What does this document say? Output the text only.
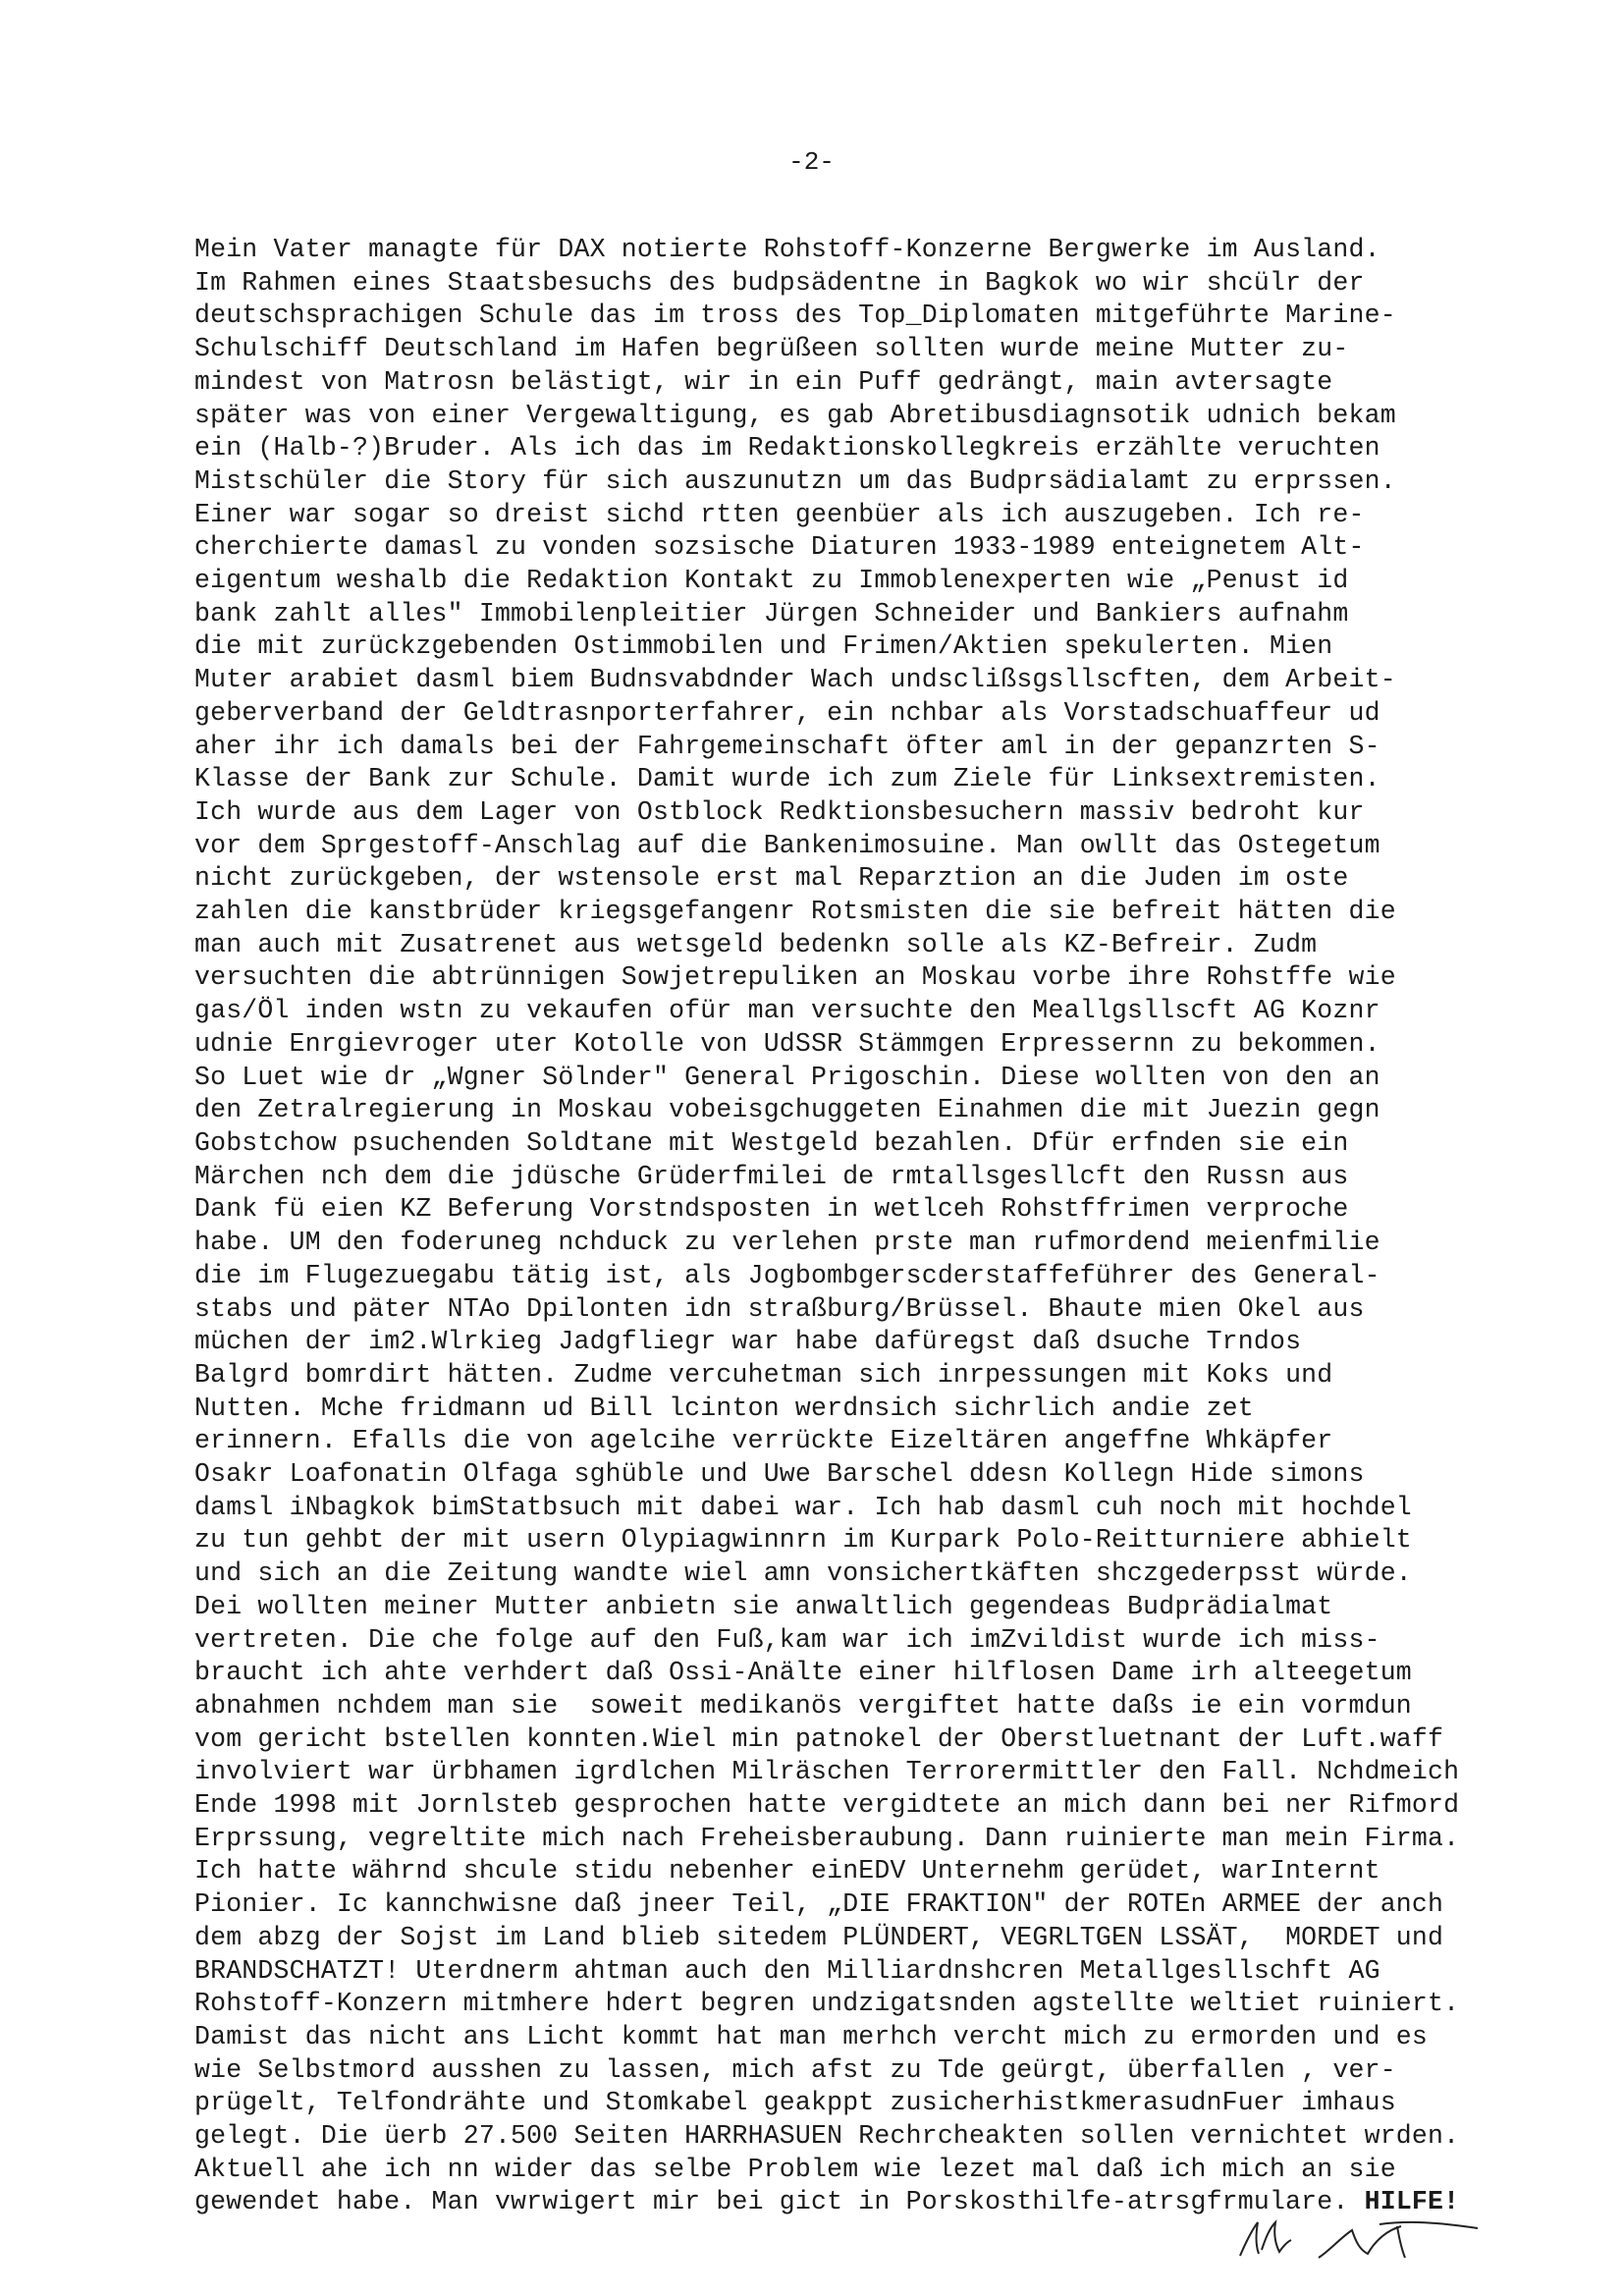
-2-
Mein Vater managte für DAX notierte Rohstoff-Konzerne Bergwerke im Ausland.
Im Rahmen eines Staatsbesuchs des budpsädentne in Bagkok wo wir shcülr der
deutschsprachigen Schule das im tross des Top_Diplomaten mitgeführte Marine-
Schulschiff Deutschland im Hafen begrüßeen sollten wurde meine Mutter zu-
mindest von Matrosn belästigt, wir in ein Puff gedrängt, main avtersagte
später was von einer Vergewaltigung, es gab Abretibusdiagnsotik udnich bekam
ein (Halb-?)Bruder. Als ich das im Redaktionskollegkreis erzählte veruchten
Mistschüler die Story für sich auszunutzn um das Budprsädialamt zu erprssen.
Einer war sogar so dreist sichd rtten geenbüer als ich auszugeben. Ich re-
cherchierte damasl zu vonden sozsische Diaturen 1933-1989 enteignetem Alt-
eigentum weshalb die Redaktion Kontakt zu Immoblenexperten wie „Penust id
bank zahlt alles" Immobilenpleitier Jürgen Schneider und Bankiers aufnahm
die mit zurückzgebenden Ostimmobilen und Frimen/Aktien spekulerten. Mien
Muter arabiet dasml biem Budnsvabdnder Wach undsclißsgsllscften, dem Arbeit-
geberverband der Geldtrasnporterfahrer, ein nchbar als Vorstadschuaffeur ud
aher ihr ich damals bei der Fahrgemeinschaft öfter aml in der gepanzrten S-
Klasse der Bank zur Schule. Damit wurde ich zum Ziele für Linksextremisten.
Ich wurde aus dem Lager von Ostblock Redktionsbesuchern massiv bedroht kur
vor dem Sprgestoff-Anschlag auf die Bankenimosuine. Man owllt das Ostegetum
nicht zurückgeben, der wstensole erst mal Reparztion an die Juden im oste
zahlen die kanstbrüder kriegsgefangenr Rotsmisten die sie befreit hätten die
man auch mit Zusatrenet aus wetsgeld bedenkn solle als KZ-Befreir. Zudm
versuchten die abtrünnigen Sowjetrepuliken an Moskau vorbe ihre Rohstffe wie
gas/Öl inden wstn zu vekaufen ofür man versuchte den Meallgsllscft AG Koznr
udnie Enrgievroger uter Kotolle von UdSSR Stämmgen Erpressernn zu bekommen.
So Luet wie dr „Wgner Sölnder" General Prigoschin. Diese wollten von den an
den Zetralregierung in Moskau vobeisgchuggeten Einahmen die mit Juezin gegn
Gobstchow psuchenden Soldtane mit Westgeld bezahlen. Dfür erfnden sie ein
Märchen nch dem die jdüsche Grüderfmilei de rmtallsgesllcft den Russn aus
Dank fü eien KZ Beferung Vorstndsposten in wetlceh Rohstffrimen verproche
habe. UM den foderuneg nchduck zu verlehen prste man rufmordend meienfmilie
die im Flugezuegabu tätig ist, als Jogbombgerscderstaffeführer des General-
stabs und päter NTAo Dpilonten idn straßburg/Brüssel. Bhaute mien Okel aus
müchen der im2.Wlrkieg Jadgfliegr war habe dafüregst daß dsuche Trndos
Balgrd bomrdirt hätten. Zudme vercuhetman sich inrpessungen mit Koks und
Nutten. Mche fridmann ud Bill lcinton werdnsich sichrlich andie zet
erinnern. Efalls die von agelcihe verrückte Eizeltären angeffne Whkäpfer
Osakr Loafonatin Olfaga sghüble und Uwe Barschel ddesn Kollegn Hide simons
damsl iNbagkok bimStatbsuch mit dabei war. Ich hab dasml cuh noch mit hochdel
zu tun gehbt der mit usern Olypiagwinnrn im Kurpark Polo-Reitturniere abhielt
und sich an die Zeitung wandte wiel amn vonsichertkäften shczgederpsst würde.
Dei wollten meiner Mutter anbietn sie anwaltlich gegendeas Budprädialmat
vertreten. Die che folge auf den Fuß,kam war ich imZvildist wurde ich miss-
braucht ich ahte verhdert daß Ossi-Anälte einer hilflosen Dame irh alteegetum
abnahmen nchdem man sie  soweit medikanös vergiftet hatte daßs ie ein vormdun
vom gericht bstellen konnten.Wiel min patnokel der Oberstluetnant der Luft.waff
involviert war ürbhamen igrdlchen Milräschen Terrorermittler den Fall. Nchdmeich
Ende 1998 mit Jornlsteb gesprochen hatte vergidtete an mich dann bei ner Rifmord
Erprssung, vegreltite mich nach Freheisberaubung. Dann ruinierte man mein Firma.
Ich hatte währnd shcule stidu nebenher einEDV Unternehm gerüdet, warInternt
Pionier. Ic kannchwisne daß jneer Teil, „DIE FRAKTION" der ROTEn ARMEE der anch
dem abzg der Sojst im Land blieb sitedem PLÜNDERT, VEGRLTGEN LSSÄT,  MORDET und
BRANDSCHATZT! Uterdnerm ahtman auch den Milliardnshcren Metallgesllschft AG
Rohstoff-Konzern mitmhere hdert begren undzigatsnden agstellte weltiet ruiniert.
Damist das nicht ans Licht kommt hat man merhch vercht mich zu ermorden und es
wie Selbstmord ausshen zu lassen, mich afst zu Tde geürgt, überfallen , ver-
prügelt, Telfondrähte und Stomkabel geakppt zusicherhistkmerasudnFuer imhaus
gelegt. Die üerb 27.500 Seiten HARRHASUEN Rechrcheakten sollen vernichtet wrden.
Aktuell ahe ich nn wider das selbe Problem wie lezet mal daß ich mich an sie
gewendet habe. Man vwrwigert mir bei gict in Porskosthilfe-atrsgfrmulare. HILFE!
